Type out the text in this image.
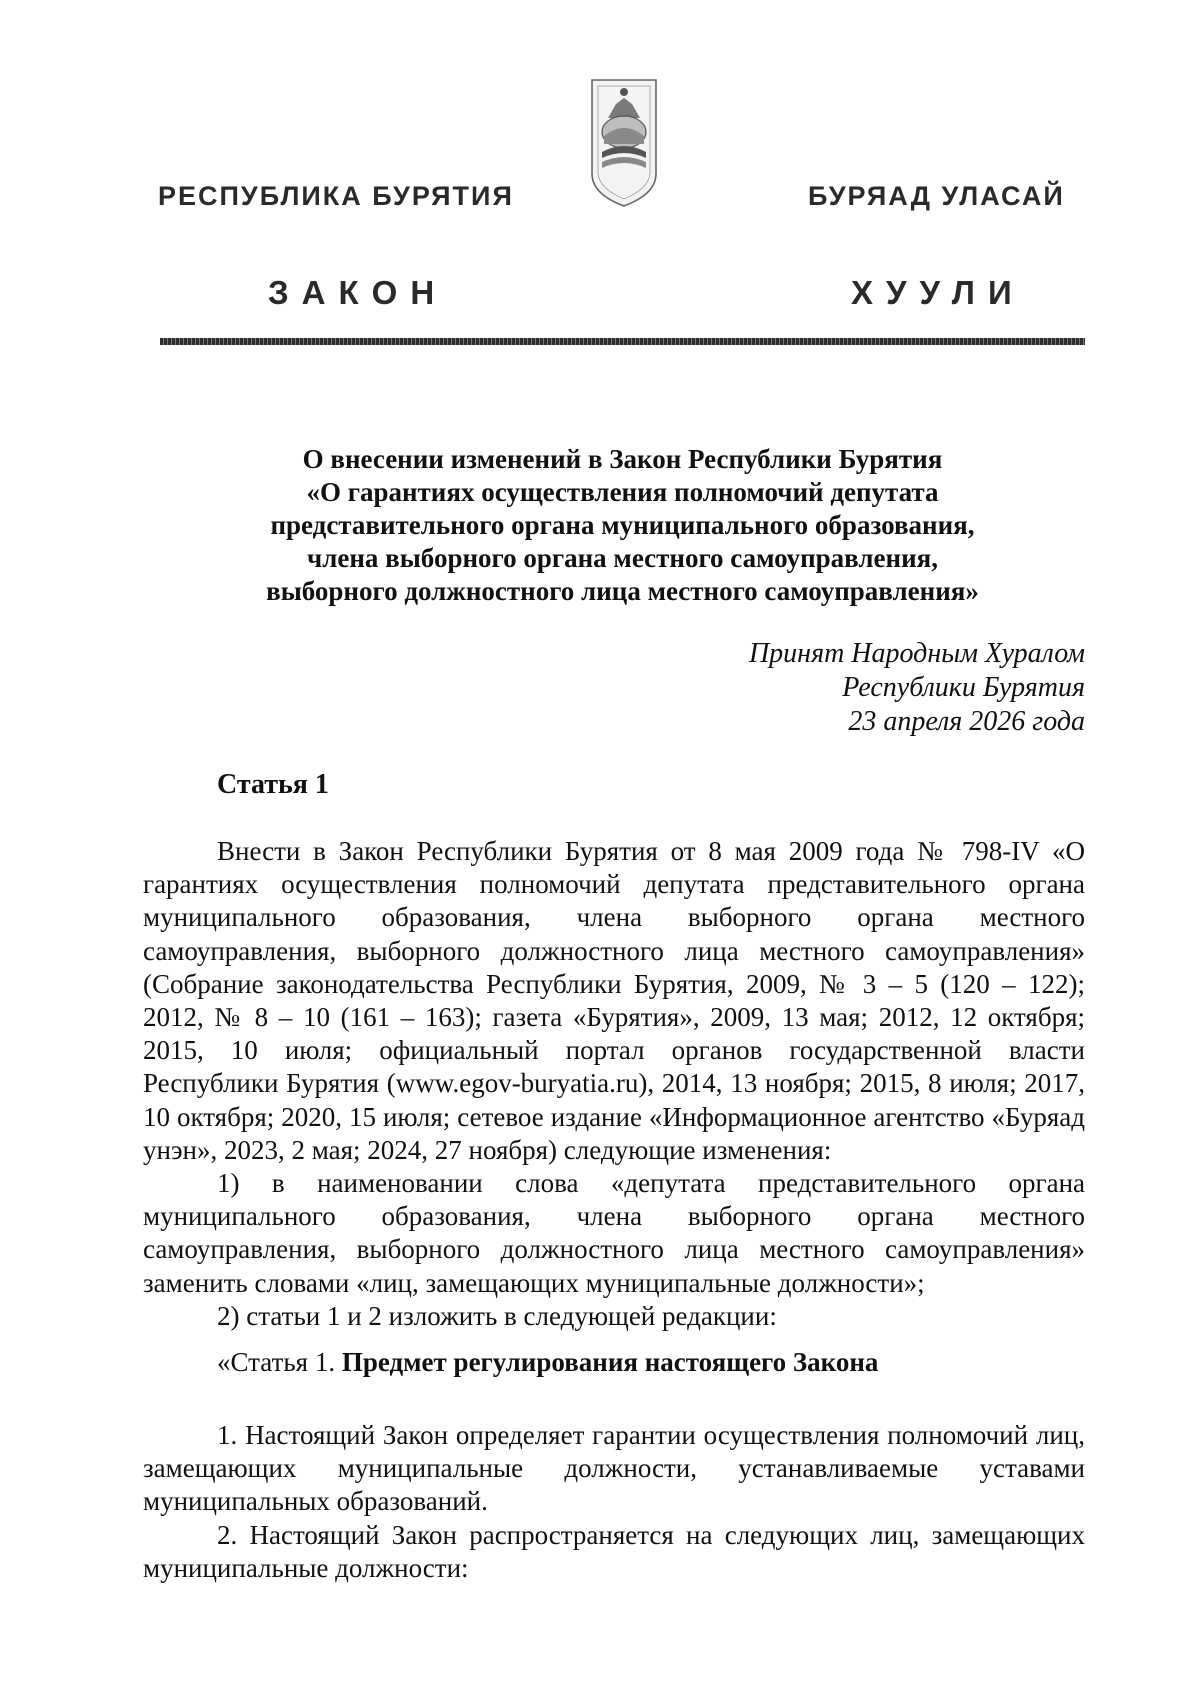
РЕСПУБЛИКА БУРЯТИЯ	БУРЯАД УЛАСАЙ
ЗАКОН	ХУУЛИ
О внесении изменений в Закон Республики Бурятия
«О гарантиях осуществления полномочий депутата
представительного органа муниципального образования,
члена выборного органа местного самоуправления,
выборного должностного лица местного самоуправления»
Принят Народным Хуралом
Республики Бурятия
23 апреля 2026 года
Статья 1

Внести в Закон Республики Бурятия от 8 мая 2009 года № 798-IV «О гарантиях осуществления полномочий депутата представительного органа муниципального образования, члена выборного органа местного самоуправления, выборного должностного лица местного самоуправления» (Собрание законодательства Республики Бурятия, 2009, № 3 – 5 (120 – 122); 2012, № 8 – 10 (161 – 163); газета «Бурятия», 2009, 13 мая; 2012, 12 октября; 2015, 10 июля; официальный портал органов государственной власти Республики Бурятия (www.egov-buryatia.ru), 2014, 13 ноября; 2015, 8 июля; 2017, 10 октября; 2020, 15 июля; сетевое издание «Информационное агентство «Буряад унэн», 2023, 2 мая; 2024, 27 ноября) следующие изменения:

1) в наименовании слова «депутата представительного органа муниципального образования, члена выборного органа местного самоуправления, выборного должностного лица местного самоуправления» заменить словами «лиц, замещающих муниципальные должности»;

2) статьи 1 и 2 изложить в следующей редакции:

«Статья 1. Предмет регулирования настоящего Закона

1. Настоящий Закон определяет гарантии осуществления полномочий лиц, замещающих муниципальные должности, устанавливаемые уставами муниципальных образований.

2. Настоящий Закон распространяется на следующих лиц, замещающих муниципальные должности:
